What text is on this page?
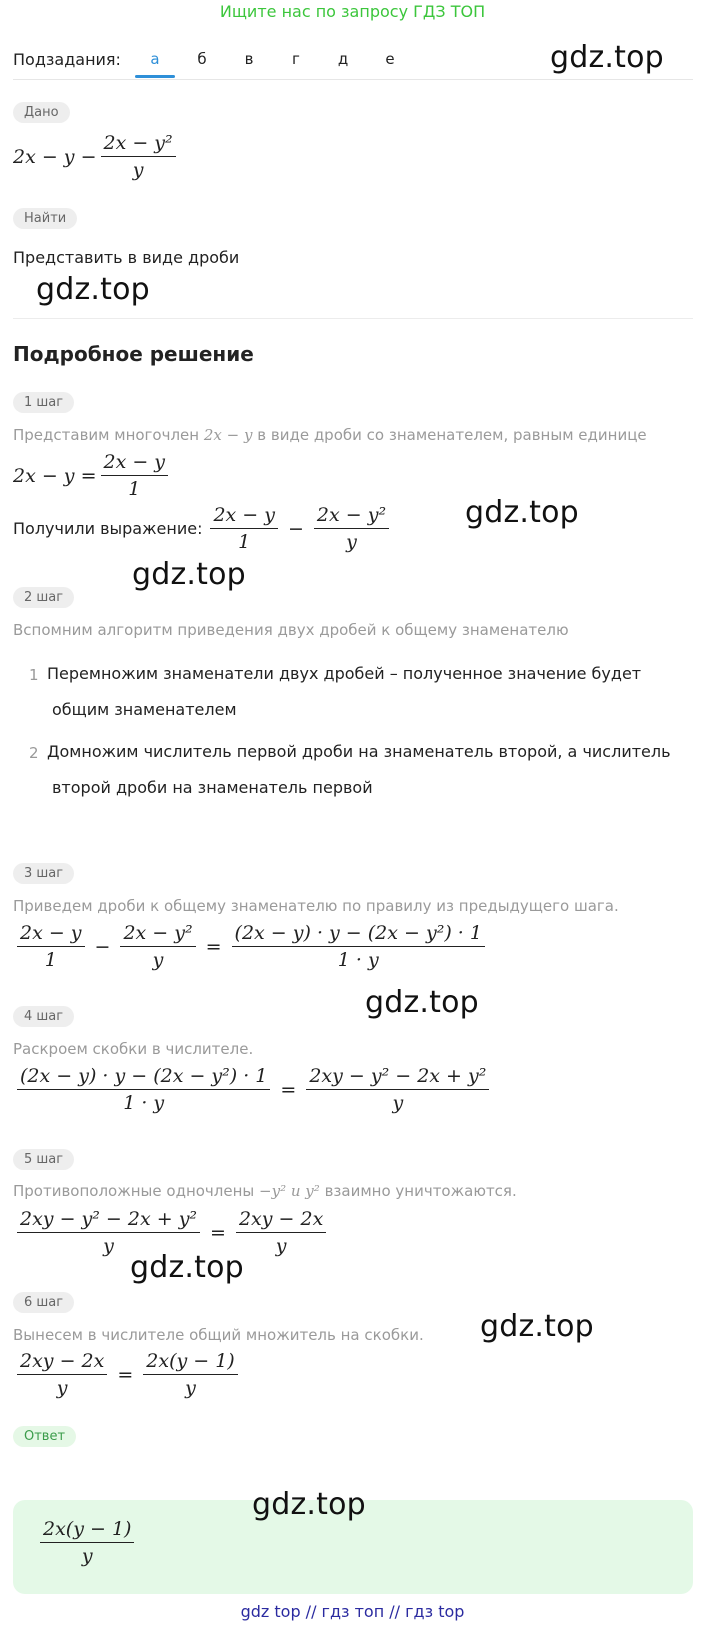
Ищите нас по запросу ГДЗ ТОП
Подзадания:	а	б	в	г	д	е	gdz.top
gdz.top
gdz.top
gdz.top
gdz.top
gdz.top
gdz.top
Дано
$2x - y - \frac{\text{2x − y²}}{y}$
Найти
Представить в виде дроби
Подробное решение
1 шаг
Представим многочлен 2x − y в виде дроби со знаменателем, равным единице
$2x - y = \frac{2x - y}{1}$
Получили выражение: $\frac{2x - y}{1} - \frac{\text{2x − y²}}{y}$
2 шаг
Вспомним алгоритм приведения двух дробей к общему знаменателю
1 Перемножим знаменатели двух дробей – полученное значение будет
общим знаменателем
2 Домножим числитель первой дроби на знаменатель второй, а числитель
второй дроби на знаменатель первой
3 шаг
Приведем дроби к общему знаменателю по правилу из предыдущего шага.
$\frac{2x - y}{1} - \frac{\text{2x − y²}}{y} = \frac{\text{(2x − y) · y − (2x − y²) · 1}}{1 \cdot y}$
4 шаг
Раскроем скобки в числителе.
$\frac{\text{(2x − y) · y − (2x − y²) · 1}}{1 \cdot y} = \frac{\text{2xy − y² − 2x + y²}}{y}$
5 шаг
Противоположные одночлены −y² и y² взаимно уничтожаются.
$\frac{\text{2xy − y² − 2x + y²}}{y} = \frac{2xy - 2x}{y}$
6 шаг
Вынесем в числителе общий множитель на скобки.
$\frac{2xy - 2x}{y} = \frac{2x(y - 1)}{y}$
Ответ
$\frac{2x(y - 1)}{y}$
gdz.top
gdz top // гдз топ // гдз top
